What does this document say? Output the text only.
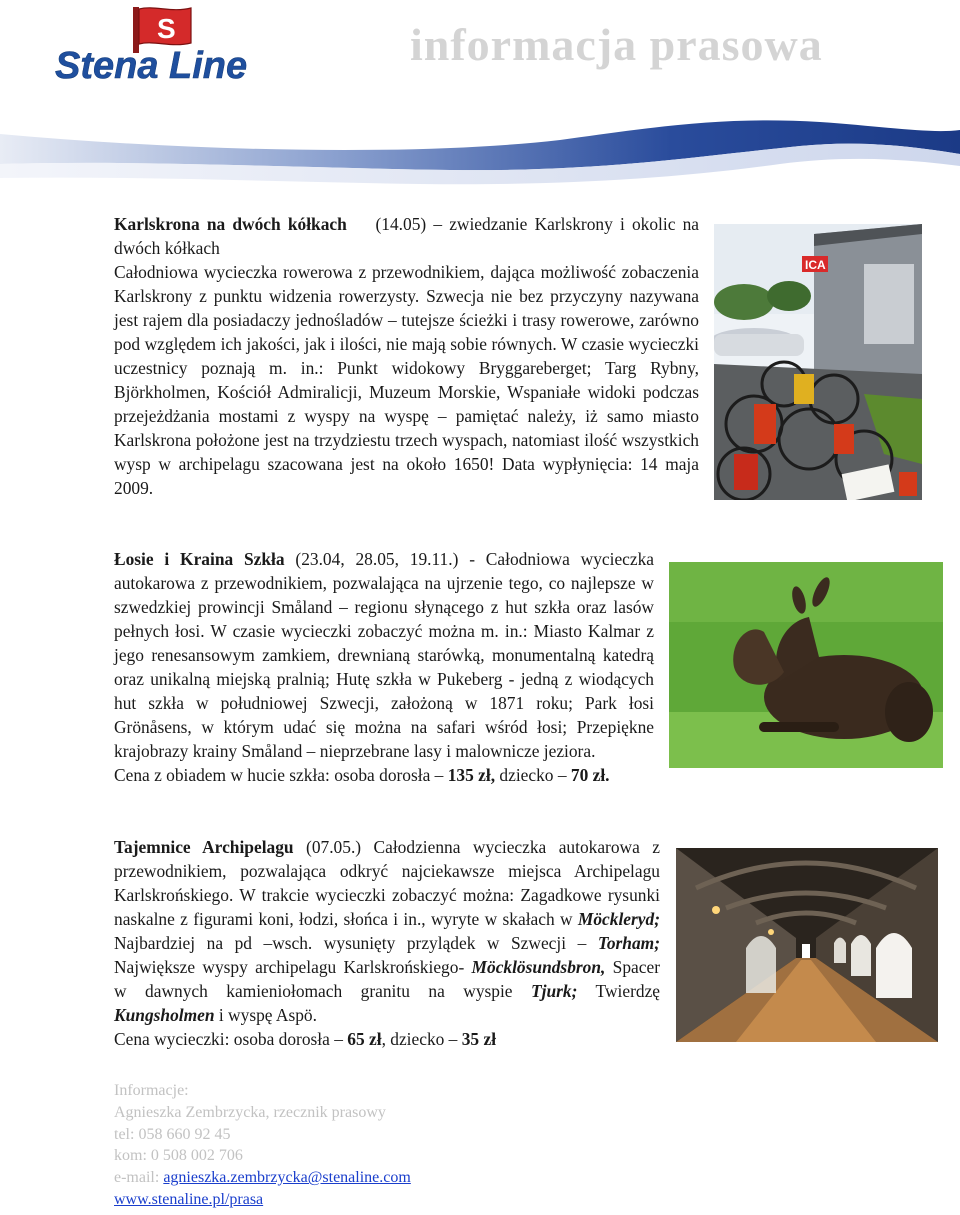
S
Stena Line	informacja prasowa

Karlskrona na dwóch kółkach (14.05) – zwiedzanie Karlskrony i okolic na dwóch kółkach

Całodniowa wycieczka rowerowa z przewodnikiem, dająca możliwość zobaczenia Karlskrony z punktu widzenia rowerzysty. Szwecja nie bez przyczyny nazywana jest rajem dla posiadaczy jednośladów – tutejsze ścieżki i trasy rowerowe, zarówno pod względem ich jakości, jak i ilości, nie mają sobie równych. W czasie wycieczki uczestnicy poznają m. in.: Punkt widokowy Bryggareberget; Targ Rybny, Björkholmen, Kościół Admiralicji, Muzeum Morskie, Wspaniałe widoki podczas przejeżdżania mostami z wyspy na wyspę – pamiętać należy, iż samo miasto Karlskrona położone jest na trzydziestu trzech wyspach, natomiast ilość wszystkich wysp w archipelagu szacowana jest na około 1650! Data wypłynięcia: 14 maja 2009.

Łosie i Kraina Szkła (23.04, 28.05, 19.11.) - Całodniowa wycieczka autokarowa z przewodnikiem, pozwalająca na ujrzenie tego, co najlepsze w szwedzkiej prowincji Småland – regionu słynącego z hut szkła oraz lasów pełnych łosi. W czasie wycieczki zobaczyć można m. in.: Miasto Kalmar z jego renesansowym zamkiem, drewnianą starówką, monumentalną katedrą oraz unikalną miejską pralnią; Hutę szkła w Pukeberg - jedną z wiodących hut szkła w południowej Szwecji, założoną w 1871 roku; Park łosi Grönåsens, w którym udać się można na safari wśród łosi; Przepiękne krajobrazy krainy Småland – nieprzebrane lasy i malownicze jeziora.

Cena z obiadem w hucie szkła: osoba dorosła – 135 zł, dziecko – 70 zł.

Tajemnice Archipelagu (07.05.) Całodzienna wycieczka autokarowa z przewodnikiem, pozwalająca odkryć najciekawsze miejsca Archipelagu Karlskrońskiego. W trakcie wycieczki zobaczyć można: Zagadkowe rysunki naskalne z figurami koni, łodzi, słońca i in., wyryte w skałach w Möckleryd; Najbardziej na pd –wsch. wysunięty przylądek w Szwecji – Torham; Największe wyspy archipelagu Karlskrońskiego- Möcklösundsbron, Spacer w dawnych kamieniołomach granitu na wyspie Tjurk; Twierdzę Kungsholmen i wyspę Aspö.

Cena wycieczki: osoba dorosła – 65 zł, dziecko – 35 zł

Informacje:
Agnieszka Zembrzycka, rzecznik prasowy
tel: 058 660 92 45
kom: 0 508 002 706
e-mail: agnieszka.zembrzycka@stenaline.com
www.stenaline.pl/prasa
ICA
